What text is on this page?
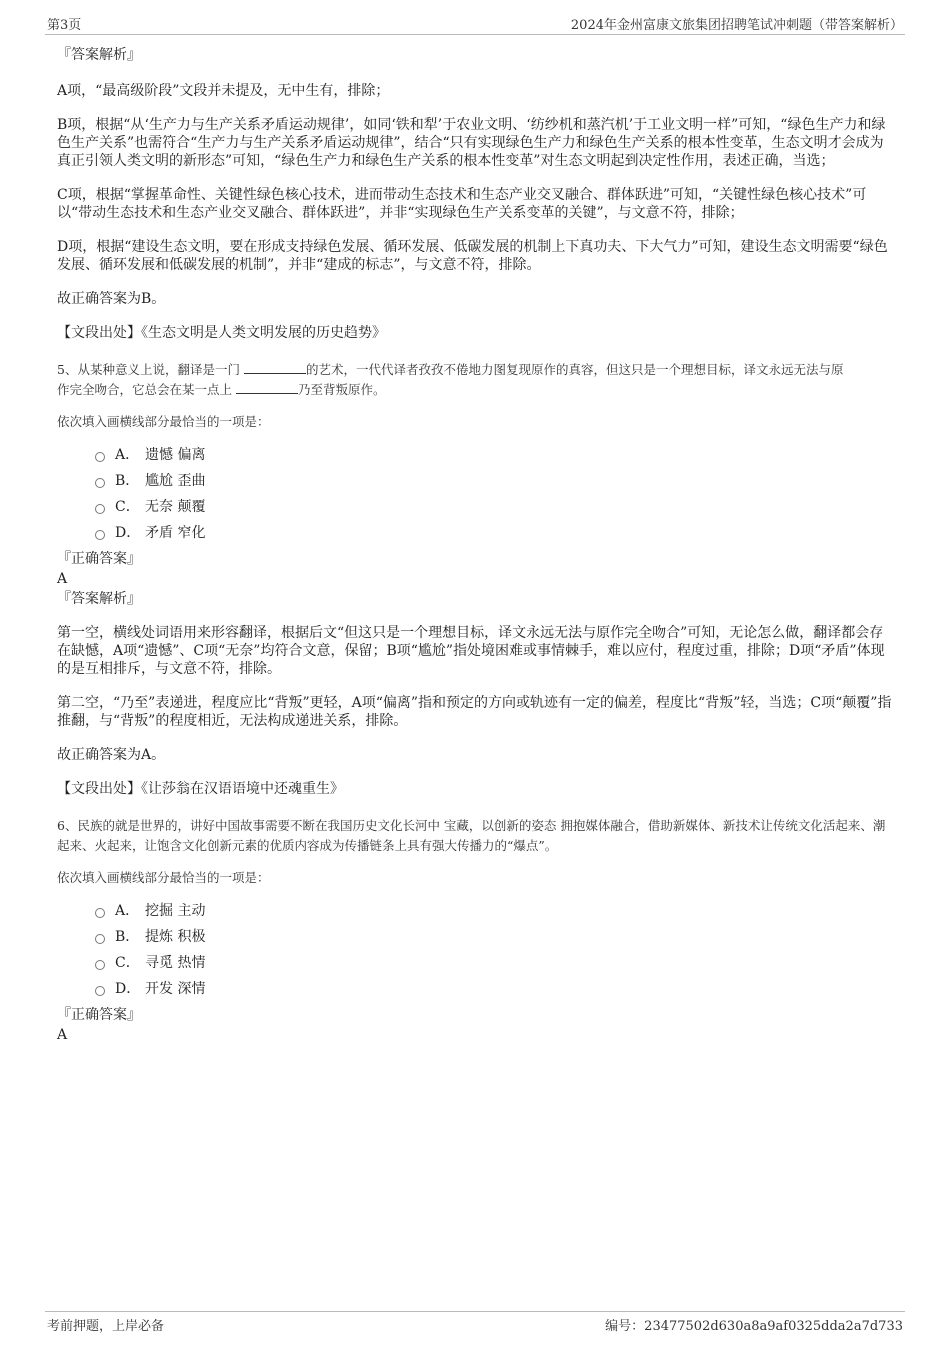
第3页	2024年金州富康文旅集团招聘笔试冲刺题（带答案解析）
『答案解析』

A项，“最高级阶段”文段并未提及，无中生有，排除；

B项，根据“从‘生产力与生产关系矛盾运动规律’，如同‘铁和犁’于农业文明、‘纺纱机和蒸汽机’于工业文明一样”可知，“绿色生产力和绿色生产关系”也需符合“生产力与生产关系矛盾运动规律”，结合“只有实现绿色生产力和绿色生产关系的根本性变革，生态文明才会成为真正引领人类文明的新形态”可知，“绿色生产力和绿色生产关系的根本性变革”对生态文明起到决定性作用，表述正确，当选；

C项，根据“掌握革命性、关键性绿色核心技术，进而带动生态技术和生态产业交叉融合、群体跃进”可知，“关键性绿色核心技术”可以“带动生态技术和生态产业交叉融合、群体跃进”，并非“实现绿色生产关系变革的关键”，与文意不符，排除；

D项，根据“建设生态文明，要在形成支持绿色发展、循环发展、低碳发展的机制上下真功夫、下大气力”可知，建设生态文明需要“绿色发展、循环发展和低碳发展的机制”，并非“建成的标志”，与文意不符，排除。

故正确答案为B。

【文段出处】《生态文明是人类文明发展的历史趋势》

5、从某种意义上说，翻译是一门	的艺术，一代代译者孜孜不倦地力图复现原作的真容，但这只是一个理想目标，译文永远无法与原
作完全吻合，它总会在某一点上	乃至背叛原作。
依次填入画横线部分最恰当的一项是：
A． 遗憾 偏离
B． 尴尬 歪曲
C． 无奈 颠覆
D． 矛盾 窄化
『正确答案』
A
『答案解析』

第一空，横线处词语用来形容翻译，根据后文“但这只是一个理想目标，译文永远无法与原作完全吻合”可知，无论怎么做，翻译都会存在缺憾，A项“遗憾”、C项“无奈”均符合文意，保留；B项“尴尬”指处境困难或事情棘手，难以应付，程度过重，排除；D项“矛盾”体现的是互相排斥，与文意不符，排除。

第二空，“乃至”表递进，程度应比“背叛”更轻，A项“偏离”指和预定的方向或轨迹有一定的偏差，程度比“背叛”轻，当选；C项“颠覆”指推翻，与“背叛”的程度相近，无法构成递进关系，排除。

故正确答案为A。

【文段出处】《让莎翁在汉语语境中还魂重生》

6、民族的就是世界的，讲好中国故事需要不断在我国历史文化长河中 宝藏，以创新的姿态 拥抱媒体融合，借助新媒体、新技术让传统文化活起来、潮起来、火起来，让饱含文化创新元素的优质内容成为传播链条上具有强大传播力的“爆点”。
依次填入画横线部分最恰当的一项是：
A． 挖掘 主动
B． 提炼 积极
C． 寻觅 热情
D． 开发 深情
『正确答案』
A
考前押题，上岸必备	编号：23477502d630a8a9af0325dda2a7d733
